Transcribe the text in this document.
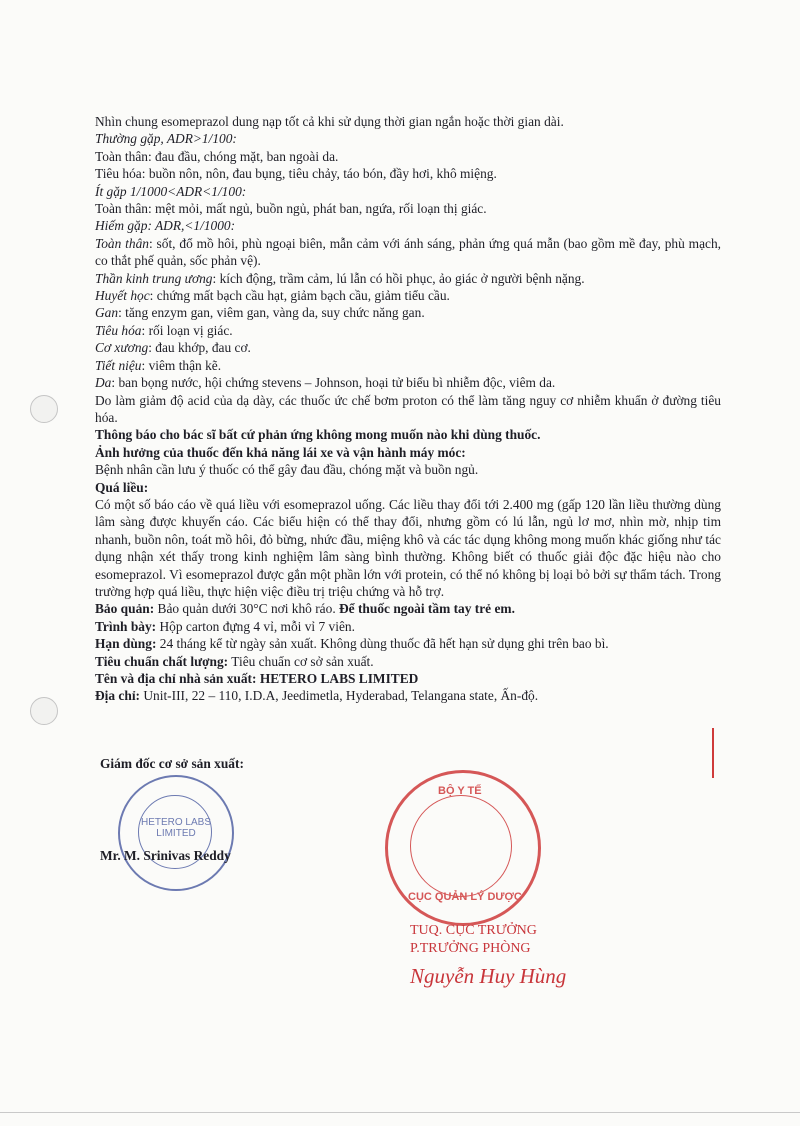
Nhìn chung esomeprazol dung nạp tốt cả khi sử dụng thời gian ngắn hoặc thời gian dài.
Thường gặp, ADR>1/100:
Toàn thân: đau đầu, chóng mặt, ban ngoài da.
Tiêu hóa: buồn nôn, nôn, đau bụng, tiêu chảy, táo bón, đầy hơi, khô miệng.
Ít gặp 1/1000<ADR<1/100:
Toàn thân: mệt mỏi, mất ngủ, buồn ngủ, phát ban, ngứa, rối loạn thị giác.
Hiếm gặp: ADR,<1/1000:
Toàn thân: sốt, đổ mồ hôi, phù ngoại biên, mẫn cảm với ánh sáng, phản ứng quá mẫn (bao gồm mề đay, phù mạch, co thắt phế quản, sốc phản vệ).
Thần kinh trung ương: kích động, trầm cảm, lú lẫn có hồi phục, ảo giác ở người bệnh nặng.
Huyết học: chứng mất bạch cầu hạt, giảm bạch cầu, giảm tiểu cầu.
Gan: tăng enzym gan, viêm gan, vàng da, suy chức năng gan.
Tiêu hóa: rối loạn vị giác.
Cơ xương: đau khớp, đau cơ.
Tiết niệu: viêm thận kẽ.
Da: ban bọng nước, hội chứng stevens – Johnson, hoại tử biểu bì nhiễm độc, viêm da.
Do làm giảm độ acid của dạ dày, các thuốc ức chế bơm proton có thể làm tăng nguy cơ nhiễm khuẩn ở đường tiêu hóa.
Thông báo cho bác sĩ bất cứ phản ứng không mong muốn nào khi dùng thuốc.
Ảnh hưởng của thuốc đến khả năng lái xe và vận hành máy móc:
Bệnh nhân cần lưu ý thuốc có thể gây đau đầu, chóng mặt và buồn ngủ.
Quá liều:
Có một số báo cáo về quá liều với esomeprazol uống. Các liều thay đổi tới 2.400 mg (gấp 120 lần liều thường dùng lâm sàng được khuyến cáo. Các biểu hiện có thể thay đổi, nhưng gồm có lú lẫn, ngủ lơ mơ, nhìn mờ, nhịp tim nhanh, buồn nôn, toát mồ hôi, đỏ bừng, nhức đầu, miệng khô và các tác dụng không mong muốn khác giống như tác dụng nhận xét thấy trong kinh nghiệm lâm sàng bình thường. Không biết có thuốc giải độc đặc hiệu nào cho esomeprazol. Vì esomeprazol được gắn một phần lớn với protein, có thể nó không bị loại bỏ bởi sự thẩm tách. Trong trường hợp quá liều, thực hiện việc điều trị triệu chứng và hỗ trợ.
Bảo quản: Bảo quản dưới 30°C nơi khô ráo. Để thuốc ngoài tầm tay trẻ em.
Trình bày: Hộp carton đựng 4 vỉ, mỗi vỉ 7 viên.
Hạn dùng: 24 tháng kể từ ngày sản xuất. Không dùng thuốc đã hết hạn sử dụng ghi trên bao bì.
Tiêu chuẩn chất lượng: Tiêu chuẩn cơ sở sản xuất.
Tên và địa chỉ nhà sản xuất: HETERO LABS LIMITED
Địa chỉ: Unit-III, 22 – 110, I.D.A, Jeedimetla, Hyderabad, Telangana state, Ấn-độ.
Giám đốc cơ sở sản xuất:
HETERO LABS LIMITED
Mr. M. Srinivas Reddy
BỘ Y TẾ
CỤC QUẢN LÝ DƯỢC
TUQ. CỤC TRƯỞNG
P.TRƯỞNG PHÒNG
Nguyễn Huy Hùng
